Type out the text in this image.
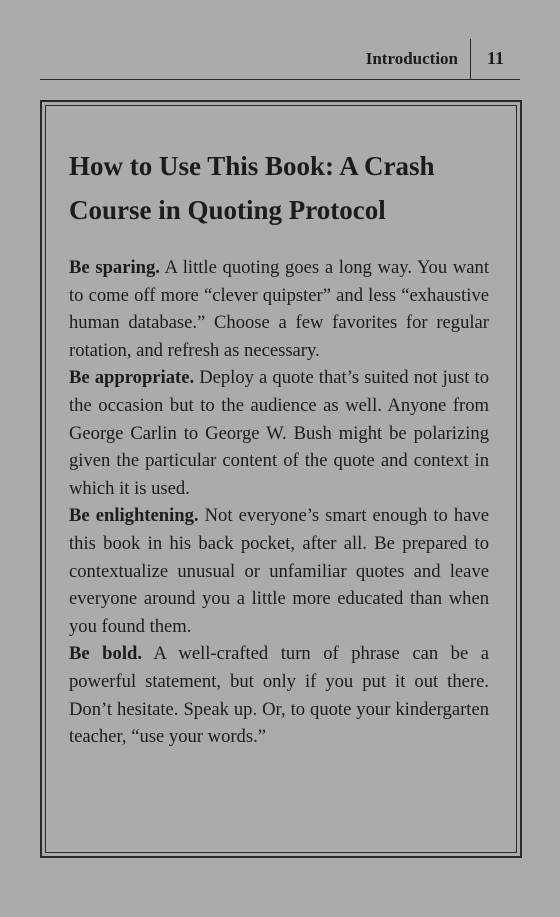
Introduction 11
How to Use This Book: A Crash Course in Quoting Protocol

Be sparing. A little quoting goes a long way. You want to come off more “clever quipster” and less “exhaustive human database.” Choose a few favorites for regular rotation, and refresh as necessary.

Be appropriate. Deploy a quote that’s suited not just to the occasion but to the audience as well. Anyone from George Carlin to George W. Bush might be polarizing given the particular content of the quote and context in which it is used.

Be enlightening. Not everyone’s smart enough to have this book in his back pocket, after all. Be prepared to contextualize unusual or unfamiliar quotes and leave everyone around you a little more educated than when you found them.

Be bold. A well-crafted turn of phrase can be a powerful statement, but only if you put it out there. Don’t hesitate. Speak up. Or, to quote your kindergarten teacher, “use your words.”
